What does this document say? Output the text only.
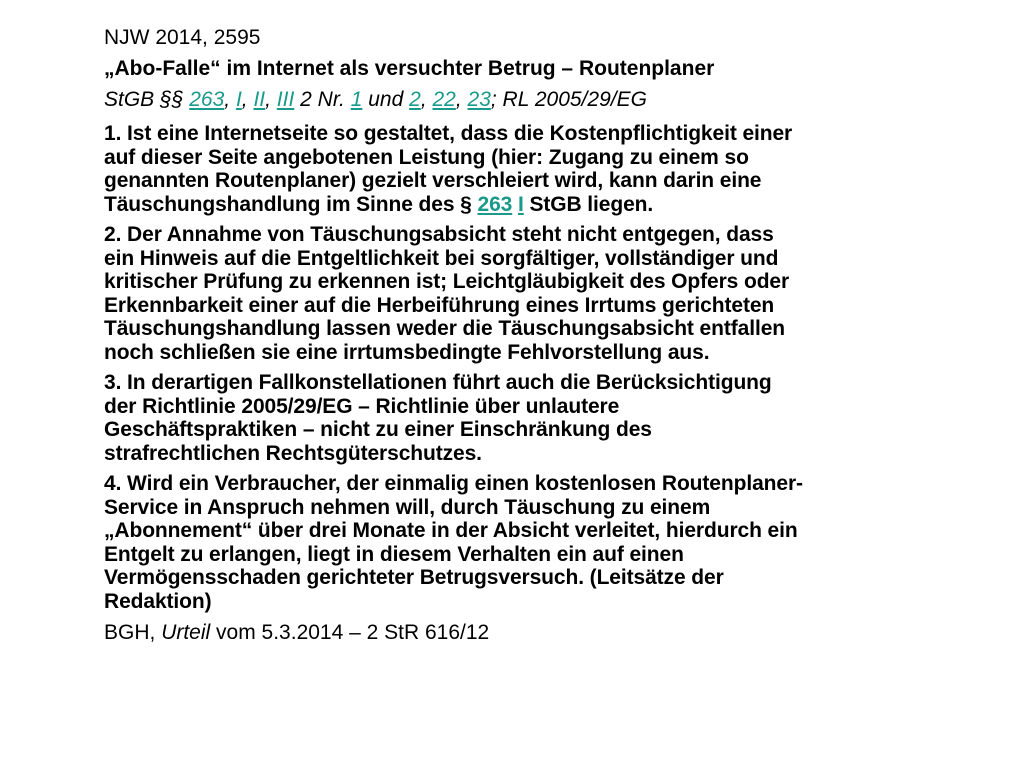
NJW 2014, 2595
„Abo-Falle“ im Internet als versuchter Betrug – Routenplaner
StGB §§ 263, I, II, III 2 Nr. 1 und 2, 22, 23; RL 2005/29/EG
1. Ist eine Internetseite so gestaltet, dass die Kostenpflichtigkeit einer
auf dieser Seite angebotenen Leistung (hier: Zugang zu einem so
genannten Routenplaner) gezielt verschleiert wird, kann darin eine
Täuschungshandlung im Sinne des § 263 I StGB liegen.
2. Der Annahme von Täuschungsabsicht steht nicht entgegen, dass
ein Hinweis auf die Entgeltlichkeit bei sorgfältiger, vollständiger und
kritischer Prüfung zu erkennen ist; Leichtgläubigkeit des Opfers oder
Erkennbarkeit einer auf die Herbeiführung eines Irrtums gerichteten
Täuschungshandlung lassen weder die Täuschungsabsicht entfallen
noch schließen sie eine irrtumsbedingte Fehlvorstellung aus.
3. In derartigen Fallkonstellationen führt auch die Berücksichtigung
der Richtlinie 2005/29/EG – Richtlinie über unlautere
Geschäftspraktiken – nicht zu einer Einschränkung des
strafrechtlichen Rechtsgüterschutzes.
4. Wird ein Verbraucher, der einmalig einen kostenlosen Routenplaner-
Service in Anspruch nehmen will, durch Täuschung zu einem
„Abonnement“ über drei Monate in der Absicht verleitet, hierdurch ein
Entgelt zu erlangen, liegt in diesem Verhalten ein auf einen
Vermögensschaden gerichteter Betrugsversuch. (Leitsätze der
Redaktion)
BGH, Urteil vom 5.3.2014 – 2 StR 616/12
